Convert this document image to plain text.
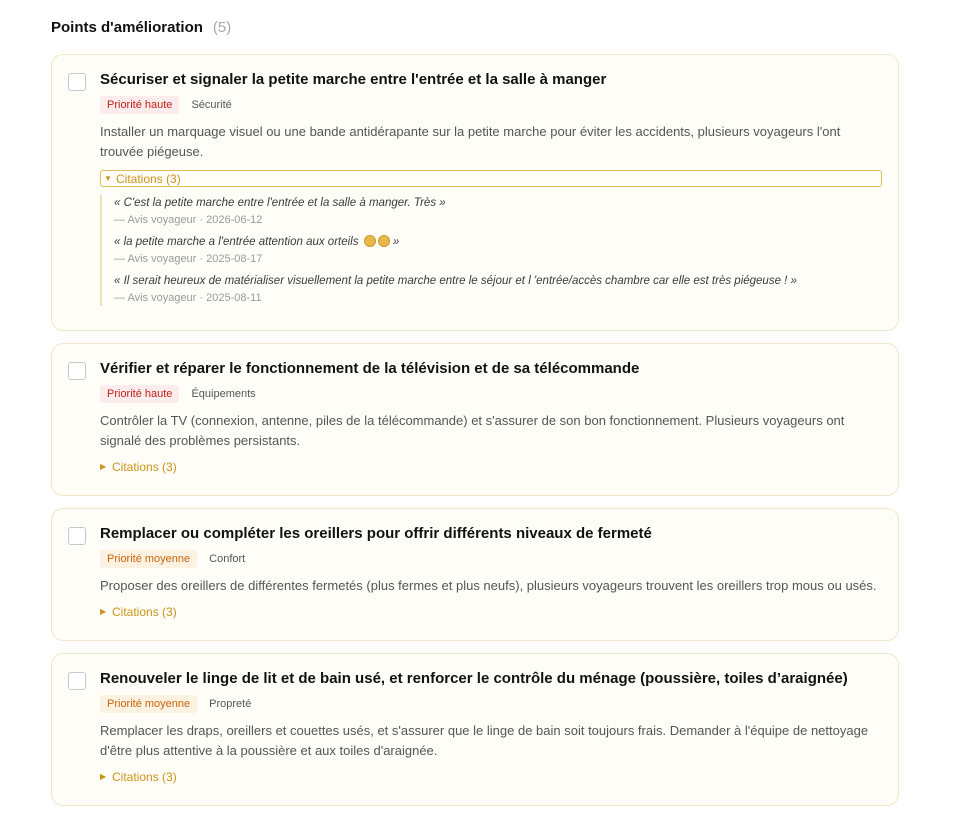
Points d'amélioration (5)
Sécuriser et signaler la petite marche entre l'entrée et la salle à manger
Priorité haute	Sécurité
Installer un marquage visuel ou une bande antidérapante sur la petite marche pour éviter les accidents, plusieurs voyageurs l'ont trouvée piégeuse.
▼ Citations (3)
« C'est la petite marche entre l'entrée et la salle à manger. Très »
— Avis voyageur · 2026-06-12
« la petite marche a l'entrée attention aux orteils	»
— Avis voyageur · 2025-08-17
« Il serait heureux de matérialiser visuellement la petite marche entre le séjour et l 'entrée/accès chambre car elle est très piégeuse ! »
— Avis voyageur · 2025-08-11
Vérifier et réparer le fonctionnement de la télévision et de sa télécommande
Priorité haute	Équipements
Contrôler la TV (connexion, antenne, piles de la télécommande) et s'assurer de son bon fonctionnement. Plusieurs voyageurs ont signalé des problèmes persistants.
▶ Citations (3)
Remplacer ou compléter les oreillers pour offrir différents niveaux de fermeté
Priorité moyenne	Confort
Proposer des oreillers de différentes fermetés (plus fermes et plus neufs), plusieurs voyageurs trouvent les oreillers trop mous ou usés.
▶ Citations (3)
Renouveler le linge de lit et de bain usé, et renforcer le contrôle du ménage (poussière, toiles d’araignée)
Priorité moyenne	Propreté
Remplacer les draps, oreillers et couettes usés, et s'assurer que le linge de bain soit toujours frais. Demander à l'équipe de nettoyage d'être plus attentive à la poussière et aux toiles d'araignée.
▶ Citations (3)
